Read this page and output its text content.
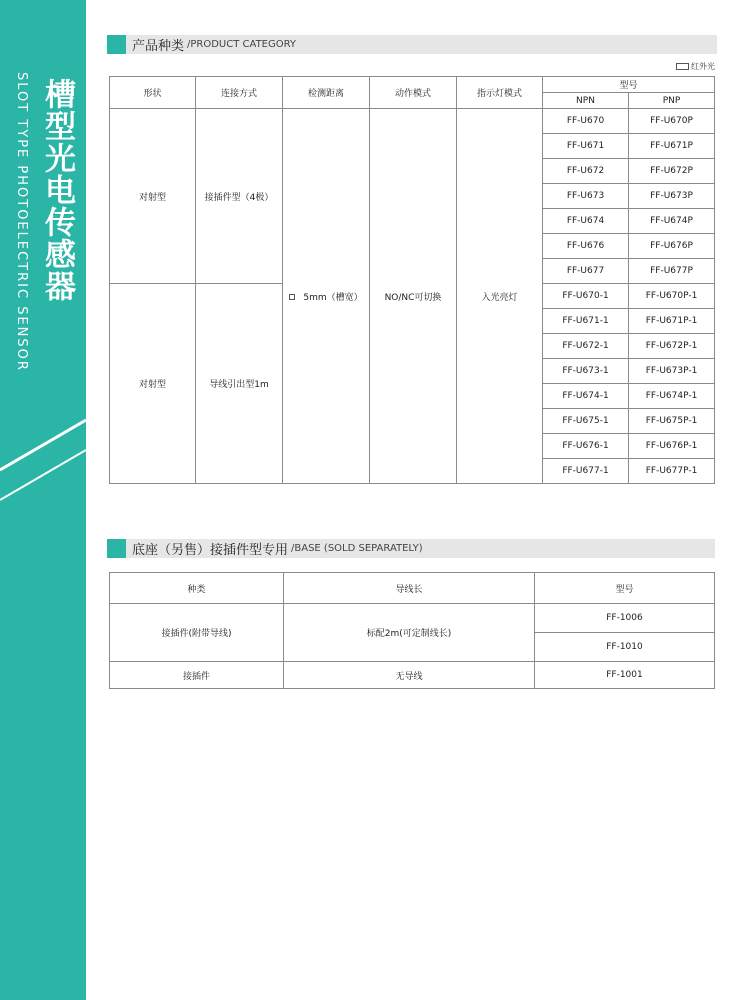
SLOT TYPE PHOTOELECTRIC SENSOR 槽型光电传感器
产品种类 /PRODUCT CATEGORY
红外光
形状	连接方式	检测距离	动作模式	指示灯模式	型号	
					NPN	PNP
对射型	接插件型（4极）	5mm（槽宽）	NO/NC可切换	入光亮灯	FF-U670	FF-U670P
					FF-U671	FF-U671P
					FF-U672	FF-U672P
					FF-U673	FF-U673P
					FF-U674	FF-U674P
					FF-U676	FF-U676P
					FF-U677	FF-U677P
对射型	导线引出型1m				FF-U670-1	FF-U670P-1
					FF-U671-1	FF-U671P-1
					FF-U672-1	FF-U672P-1
					FF-U673-1	FF-U673P-1
					FF-U674-1	FF-U674P-1
					FF-U675-1	FF-U675P-1
					FF-U676-1	FF-U676P-1
					FF-U677-1	FF-U677P-1
底座（另售）接插件型专用 /BASE (SOLD SEPARATELY)
种类	导线长	型号
接插件(附带导线)	标配2m(可定制线长)	FF-1006
		FF-1010
接插件	无导线	FF-1001
